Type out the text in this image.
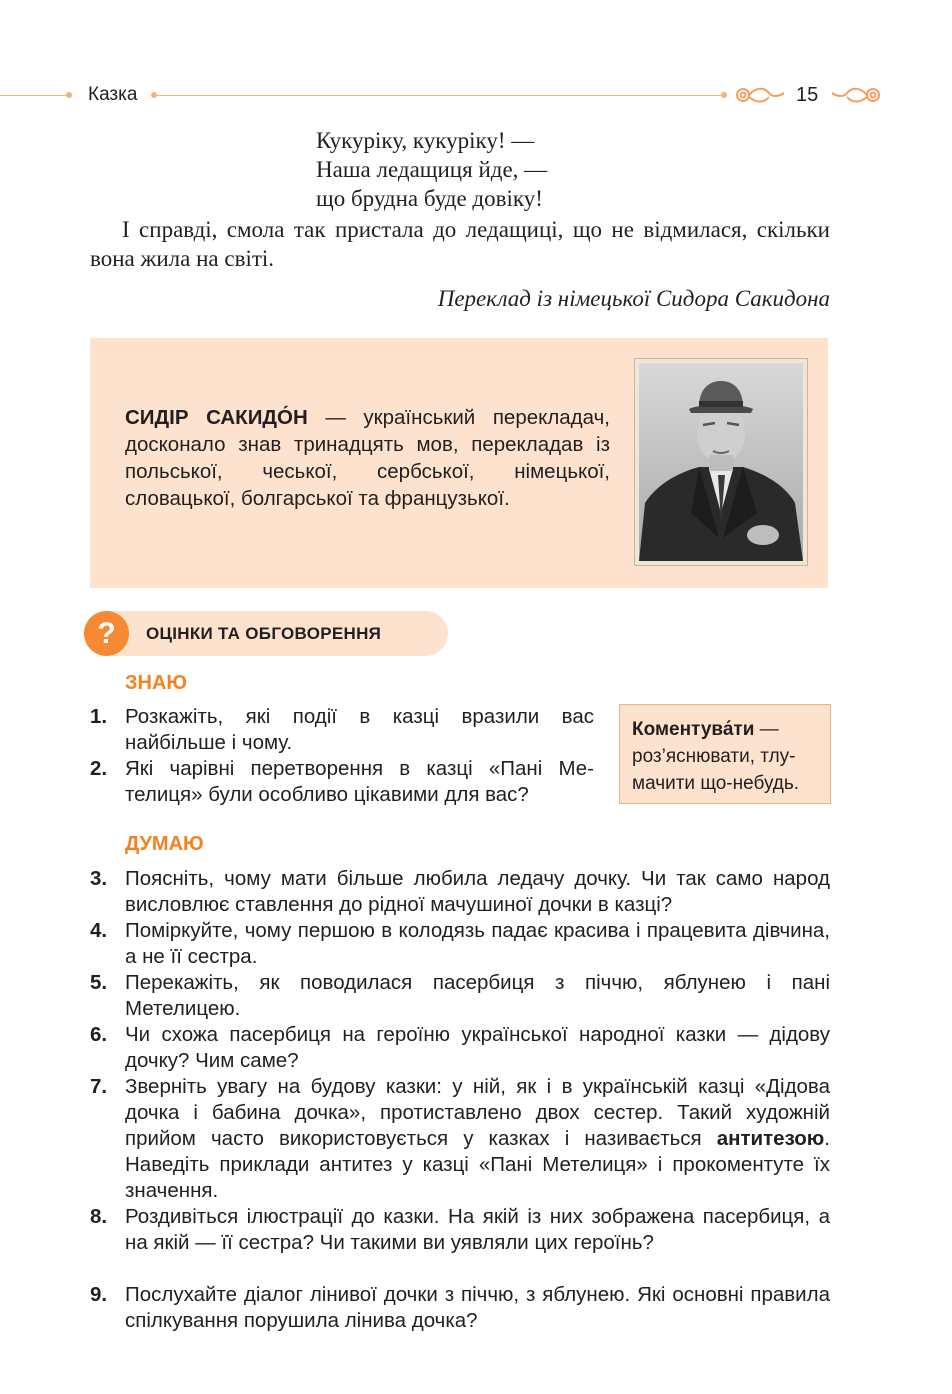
Казка	15
Кукуріку, кукуріку! —
Наша ледащиця йде, —
що брудна буде довіку!
І справді, смола так пристала до ледащиці, що не відмилася, скільки вона жила на світі.
Переклад із німецької Сидора Сакидона
СИДІР САКИДО́Н — український перекладач, досконало знав тринадцять мов, перекладав із польської, чеської, сербської, німецької, словацької, болгарської та французької.
?	ОЦІНКИ ТА ОБГОВОРЕННЯ
ЗНАЮ
1. Розкажіть, які події в казці вразили вас найбільше і чому.
2. Які чарівні перетворення в казці «Пані Метелиця» були особливо цікавими для вас?
Коментува́ти — роз’яснювати, тлумачити що-небудь.
ДУМАЮ
3. Поясніть, чому мати більше любила ледачу дочку. Чи так само народ висловлює ставлення до рідної мачушиної дочки в казці?
4. Поміркуйте, чому першою в колодязь падає красива і працевита дівчина, а не її сестра.
5. Перекажіть, як поводилася пасербиця з піччю, яблунею і пані Метелицею.
6. Чи схожа пасербиця на героїню української народної казки — дідову дочку? Чим саме?
7. Зверніть увагу на будову казки: у ній, як і в українській казці «Дідова дочка і бабина дочка», протиставлено двох сестер. Такий художній прийом часто використовується у казках і називається антитезою. Наведіть приклади антитез у казці «Пані Метелиця» і прокоментуте їх значення.
8. Роздивіться ілюстрації до казки. На якій із них зображена пасербиця, а на якій — її сестра? Чи такими ви уявляли цих героїнь?
9. Послухайте діалог лінивої дочки з піччю, з яблунею. Які основні правила спілкування порушила лінива дочка?
